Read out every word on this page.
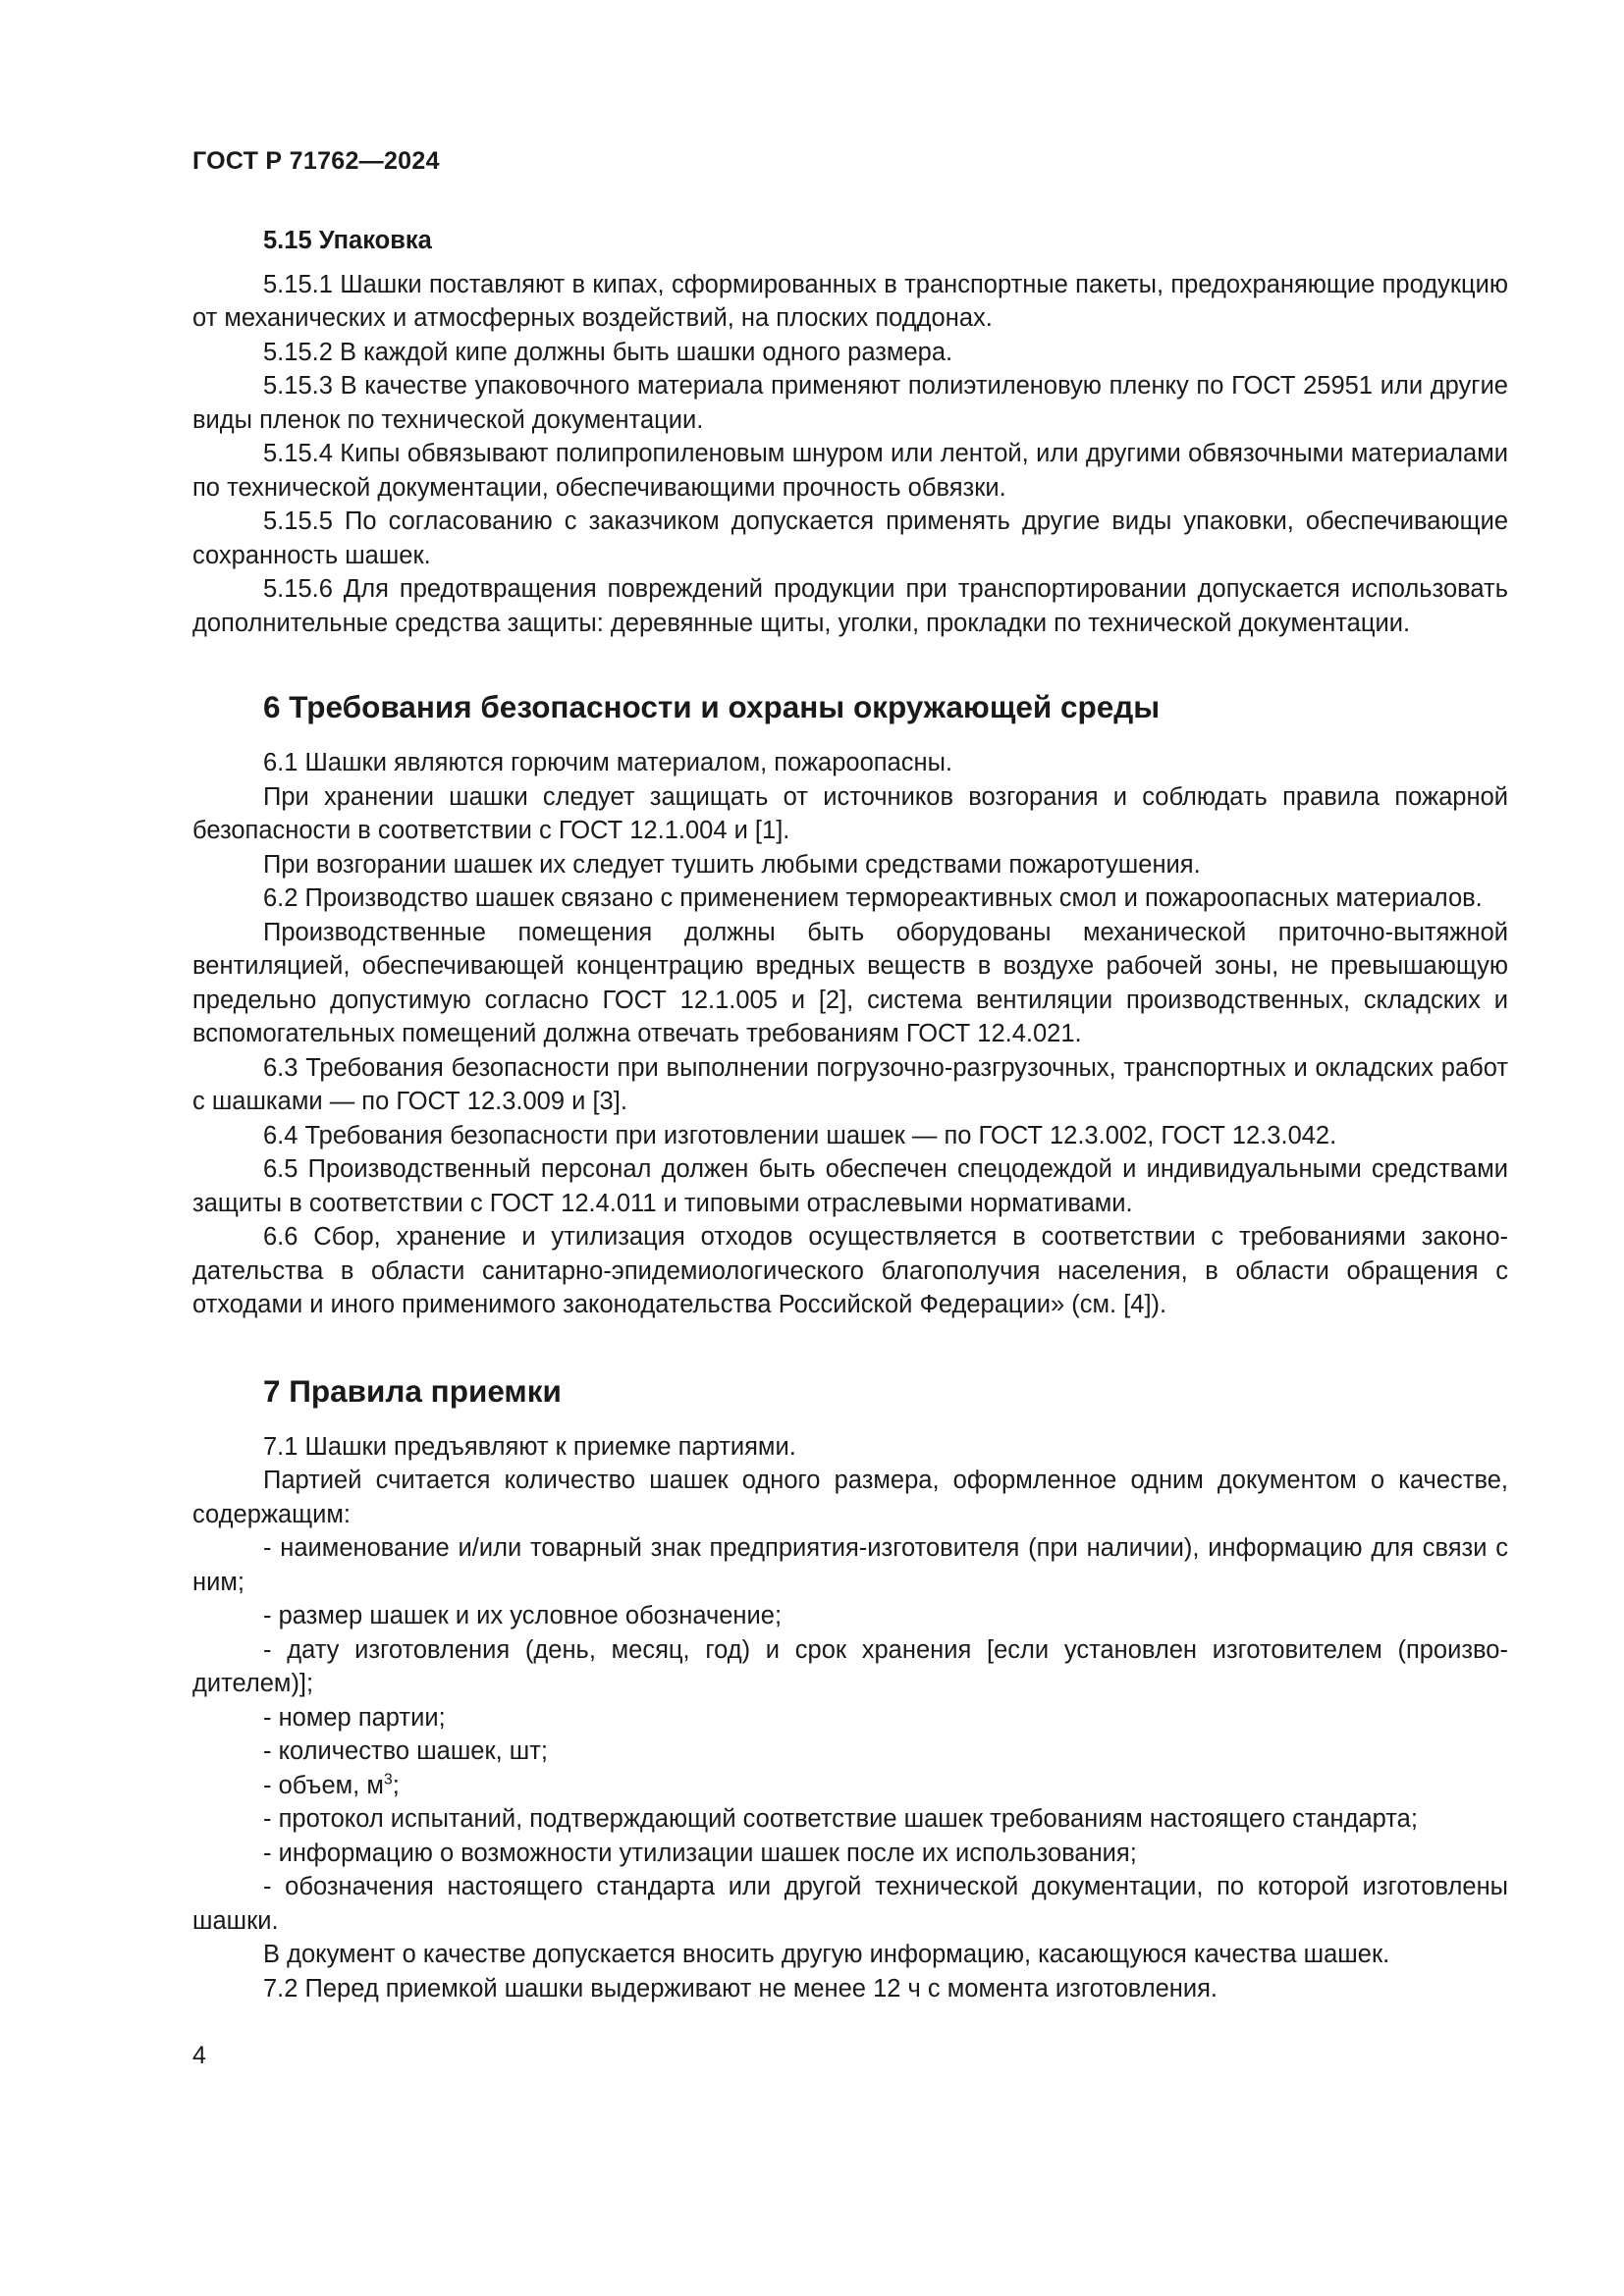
ГОСТ Р 71762—2024
5.15 Упаковка

5.15.1 Шашки поставляют в кипах, сформированных в транспортные пакеты, предохраняющие продукцию от механических и атмосферных воздействий, на плоских поддонах.

5.15.2 В каждой кипе должны быть шашки одного размера.

5.15.3 В качестве упаковочного материала применяют полиэтиленовую пленку по ГОСТ 25951 или другие виды пленок по технической документации.

5.15.4 Кипы обвязывают полипропиленовым шнуром или лентой, или другими обвязочными материалами по технической документации, обеспечивающими прочность обвязки.

5.15.5 По согласованию с заказчиком допускается применять другие виды упаковки, обеспечивающие сохранность шашек.

5.15.6 Для предотвращения повреждений продукции при транспортировании допускается использовать дополнительные средства защиты: деревянные щиты, уголки, прокладки по технической документации.

6 Требования безопасности и охраны окружающей среды

6.1 Шашки являются горючим материалом, пожароопасны.

При хранении шашки следует защищать от источников возгорания и соблюдать правила пожарной безопасности в соответствии с ГОСТ 12.1.004 и [1].

При возгорании шашек их следует тушить любыми средствами пожаротушения.

6.2 Производство шашек связано с применением термореактивных смол и пожароопасных материалов.

Производственные помещения должны быть оборудованы механической приточно-вытяжной вентиляцией, обеспечивающей концентрацию вредных веществ в воздухе рабочей зоны, не превышающую предельно допустимую согласно ГОСТ 12.1.005 и [2], система вентиляции производственных, складских и вспомогательных помещений должна отвечать требованиям ГОСТ 12.4.021.

6.3 Требования безопасности при выполнении погрузочно-разгрузочных, транспортных и окладских работ с шашками — по ГОСТ 12.3.009 и [3].

6.4 Требования безопасности при изготовлении шашек — по ГОСТ 12.3.002, ГОСТ 12.3.042.

6.5 Производственный персонал должен быть обеспечен спецодеждой и индивидуальными средствами защиты в соответствии с ГОСТ 12.4.011 и типовыми отраслевыми нормативами.

6.6 Сбор, хранение и утилизация отходов осуществляется в соответствии с требованиями законодательства в области санитарно-эпидемиологического благополучия населения, в области обращения с отходами и иного применимого законодательства Российской Федерации» (см. [4]).

7 Правила приемки

7.1 Шашки предъявляют к приемке партиями.

Партией считается количество шашек одного размера, оформленное одним документом о качестве, содержащим:

- наименование и/или товарный знак предприятия-изготовителя (при наличии), информацию для связи с ним;

- размер шашек и их условное обозначение;

- дату изготовления (день, месяц, год) и срок хранения [если установлен изготовителем (производителем)];

- номер партии;

- количество шашек, шт;

- объем, $м^3$;

- протокол испытаний, подтверждающий соответствие шашек требованиям настоящего стандарта;

- информацию о возможности утилизации шашек после их использования;

- обозначения настоящего стандарта или другой технической документации, по которой изготовлены шашки.

В документ о качестве допускается вносить другую информацию, касающуюся качества шашек.

7.2 Перед приемкой шашки выдерживают не менее 12 ч с момента изготовления.

4
